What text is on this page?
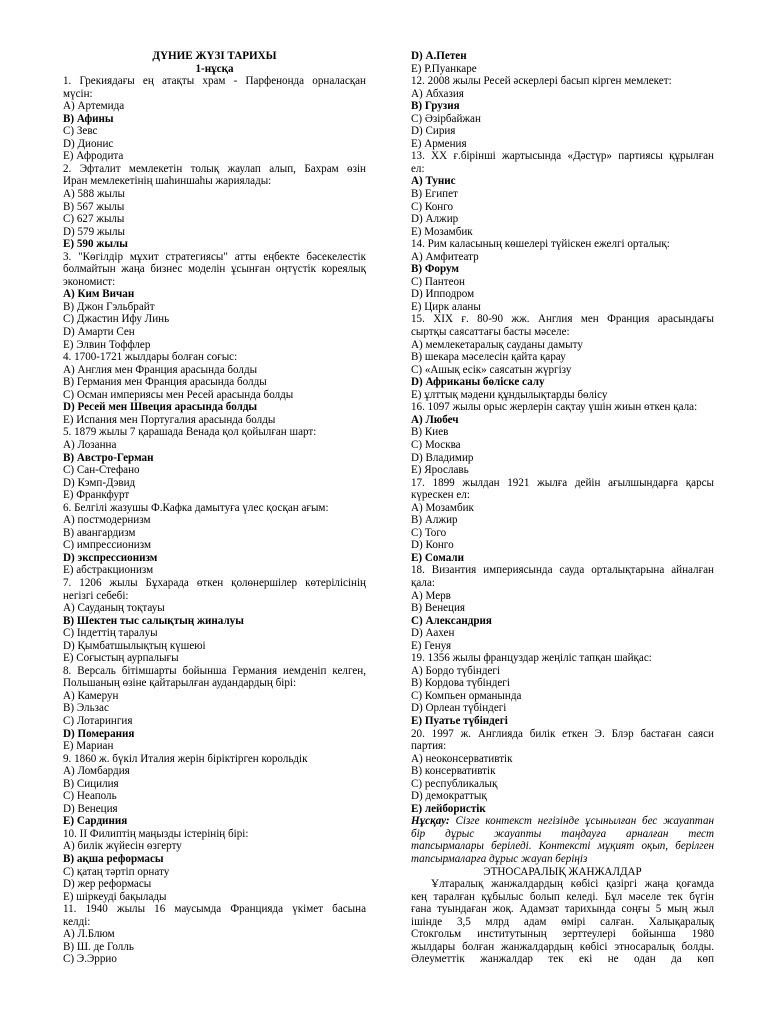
ДҮНИЕ ЖҮЗІ ТАРИХЫ
1-нұсқа
1. Грекиядағы ең атақты храм - Парфенонда орналасқан
мүсін:
А) Артемида
В) Афины
С) Зевс
D) Дионис
Е) Афродита
2. Эфталит мемлекетін толық жаулап алып, Бахрам өзін
Иран мемлекетінің шаһиншаһы жариялады:
А) 588 жылы
В) 567 жылы
С) 627 жылы
D) 579 жылы
Е) 590 жылы
3. "Көгілдір мұхит стратегиясы" атты еңбекте бәсекелестік
болмайтын жаңа бизнес моделін ұсынған оңтүстік кореялық
экономист:
А) Ким Вичан
В) Джон Гэльбрайт
С) Джастин Ифу Линь
D) Амарти Сен
Е) Элвин Тоффлер
4. 1700-1721 жылдары болған соғыс:
А) Англия мен Франция арасында болды
В) Германия мен Франция арасында болды
С) Осман империясы мен Ресей арасында болды
D) Ресей мен Швеция арасында болды
Е) Испания мен Португалия арасында болды
5. 1879 жылы 7 қарашада Венада қол қойылған шарт:
А) Лозанна
В) Австро-Герман
С) Сан-Стефано
D) Кэмп-Дэвид
Е) Франкфурт
6. Белгілі жазушы Ф.Кафка дамытуға үлес қосқан ағым:
А) постмодернизм
В) авангардизм
С) импрессионизм
D) экспрессионизм
Е) абстракционизм
7. 1206 жылы Бұхарада өткен қолөнершілер көтерілісінің
негізгі себебі:
А) Сауданың тоқтауы
В) Шектен тыс салықтың жиналуы
С) Індеттің таралуы
D) Қымбатшылықтың күшеюі
Е) Соғыстың аурпалығы
8. Версаль бітімшарты бойынша Германия иемденіп келген,
Польшаның өзіне қайтарылған аудандардың бірі:
А) Камерун
В) Эльзас
С) Лотарингия
D) Померания
Е) Мариан
9. 1860 ж. бүкіл Италия жерін біріктірген корольдік
А) Ломбардия
В) Сицилия
С) Неаполь
D) Венеция
Е) Сардиния
10. ІІ Филиптің маңызды істерінің бірі:
А) билік жүйесін өзгерту
В) ақша реформасы
С) қатаң тәртіп орнату
D) жер реформасы
Е) шіркеуді бақылады
11. 1940 жылы 16 маусымда Францияда үкімет басына
келді:
А) Л.Блюм
В) Ш. де Голль
С) Э.Эррио
D) А.Петен
Е) Р.Пуанкаре
12. 2008 жылы Ресей әскерлері басып кірген мемлекет:
А) Абхазия
В) Грузия
С) Әзірбайжан
D) Сирия
Е) Армения
13. XX ғ.бірінші жартысында «Дәстүр» партиясы құрылған
ел:
А) Тунис
В) Египет
С) Конго
D) Алжир
Е) Мозамбик
14. Рим каласының көшелері түйіскен ежелгі орталық:
А) Амфитеатр
В) Форум
С) Пантеон
D) Ипподром
Е) Цирк аланы
15. XIX ғ. 80-90 жж. Англия мен Франция арасындағы
сыртқы саясаттағы басты мәселе:
А) мемлекетаралық сауданы дамыту
В) шекара мәселесін қайта қарау
С) «Ашық есік» саясатын жүргізу
D) Африканы бөлiске салу
Е) ұлттық мәдени құндылықтарды бөлісу
16. 1097 жылы орыс жерлерін сақтау үшін жиын өткен қала:
А) Любеч
В) Киев
С) Москва
D) Владимир
Е) Ярославь
17. 1899 жылдан 1921 жылға дейін ағылшындарға қарсы
күрескен ел:
А) Мозамбик
В) Алжир
С) Того
D) Конго
Е) Сомали
18. Византия империясында сауда орталықтарына айналған
қала:
А) Мерв
В) Венеция
С) Александрия
D) Аахен
Е) Генуя
19. 1356 жылы француздар жеңіліс тапқан шайқас:
А) Бордо түбіндегі
В) Кордова түбіндегі
С) Компьен орманында
D) Орлеан түбіндегі
Е) Пуатье түбіндегі
20. 1997 ж. Англияда билік еткен Э. Блэр бастаған саяси
партия:
А) неоконсервативтік
В) консервативтік
С) республикалық
D) демократтық
Е) лейбористік
Нұсқау: Сізге контекст негізінде ұсынылған бес жауаптан
бір дұрыс жауапты таңдауға арналған тест
тапсырмалары беріледі. Контекстi мұқият оқып, берілген
тапсырмаларға дұрыс жауап беріңіз
ЭТНОСАРАЛЫҚ ЖАНЖАЛДАР
Ұлтаралық жанжалдардың көбісі қазіргі жаңа қоғамда
кең таралған құбылыс болып келеді. Бұл мәселе тек бүгін
ғана туындаған жоқ. Адамзат тарихында соңғы 5 мың жыл
ішінде 3,5 млрд адам өмірі салған. Халықаралық
Стокгольм институтының зерттеулері бойынша 1980
жылдары болған жанжалдардың көбісі этносаралық болды.
Әлеуметтік жанжалдар тек екі не одан да көп
